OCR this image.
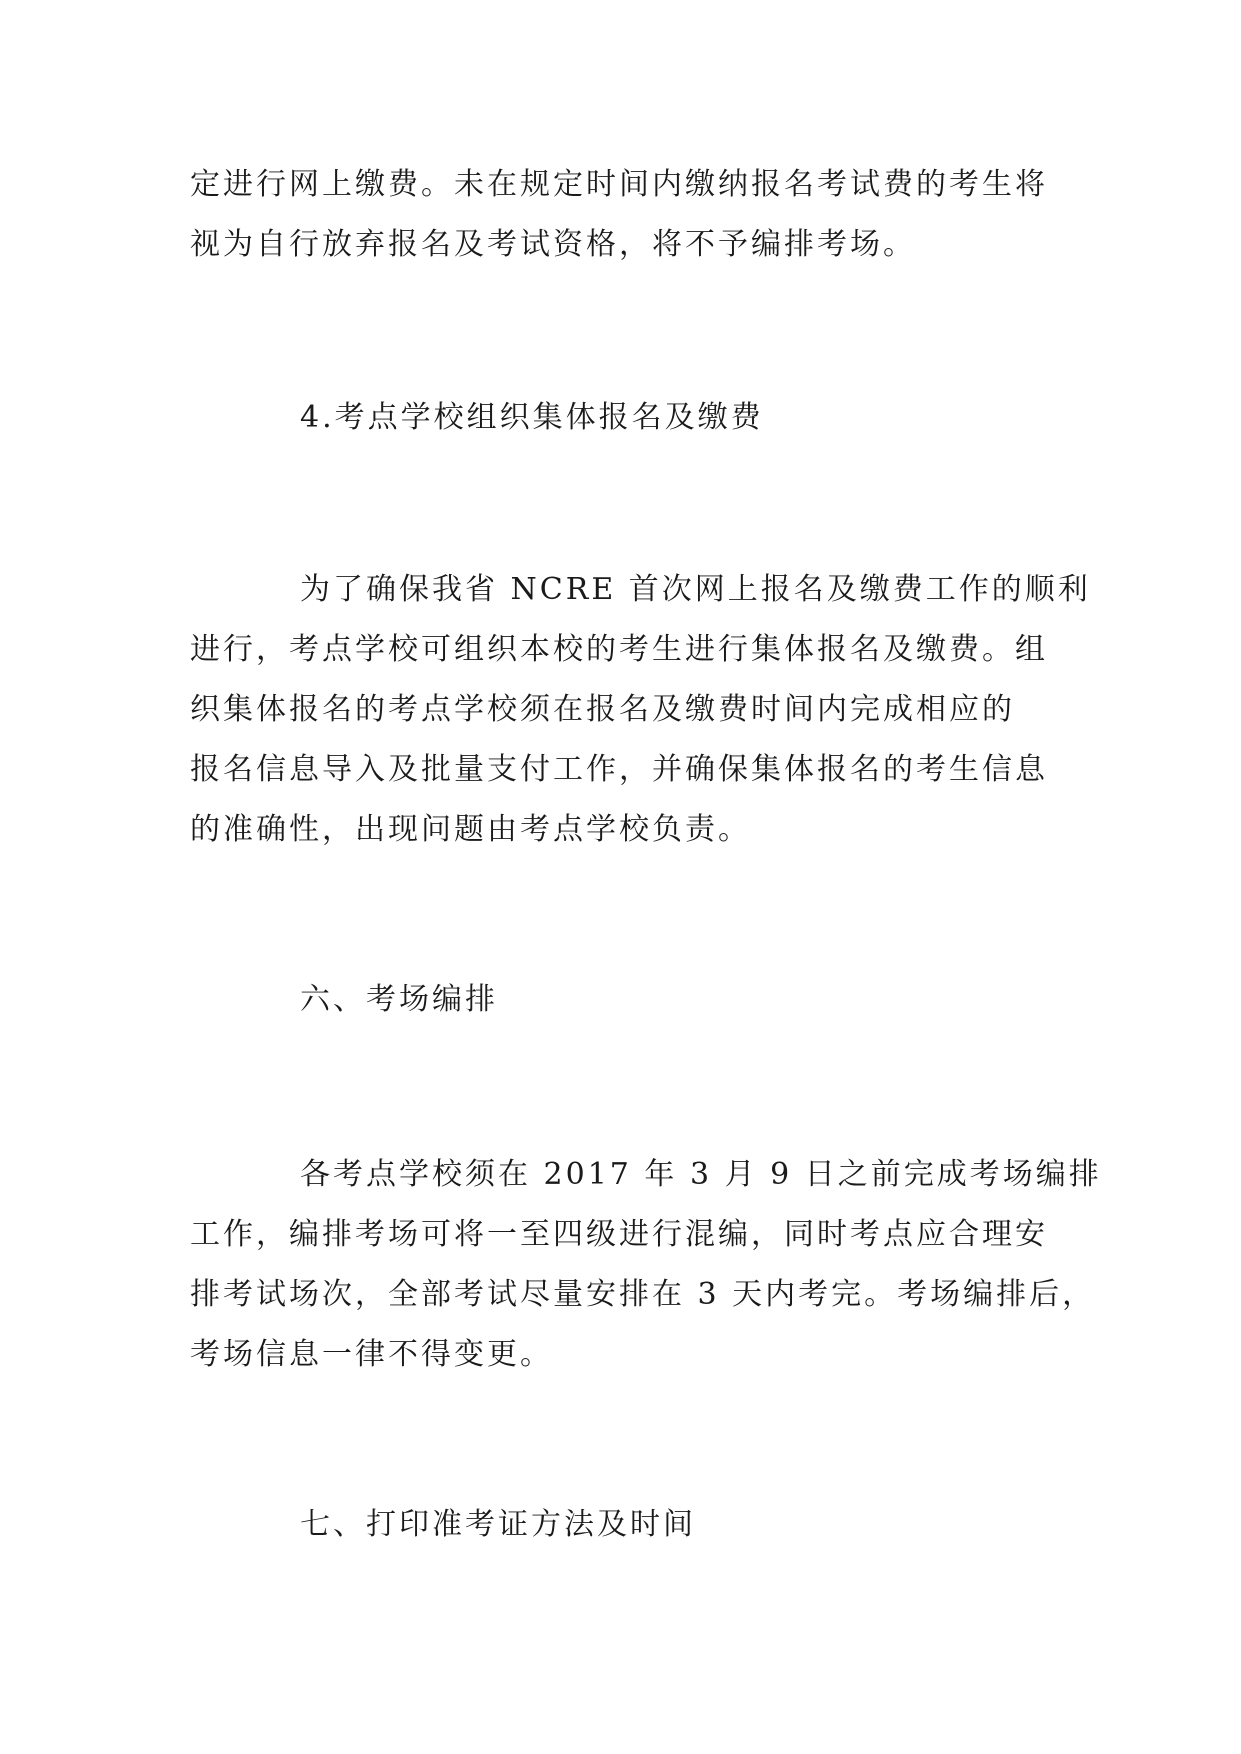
定进行网上缴费。未在规定时间内缴纳报名考试费的考生将
视为自行放弃报名及考试资格，将不予编排考场。
4.考点学校组织集体报名及缴费
为了确保我省 NCRE 首次网上报名及缴费工作的顺利
进行，考点学校可组织本校的考生进行集体报名及缴费。组
织集体报名的考点学校须在报名及缴费时间内完成相应的
报名信息导入及批量支付工作，并确保集体报名的考生信息
的准确性，出现问题由考点学校负责。
六、考场编排
各考点学校须在 2017 年 3 月 9 日之前完成考场编排
工作，编排考场可将一至四级进行混编，同时考点应合理安
排考试场次，全部考试尽量安排在 3 天内考完。考场编排后，
考场信息一律不得变更。
七、打印准考证方法及时间
